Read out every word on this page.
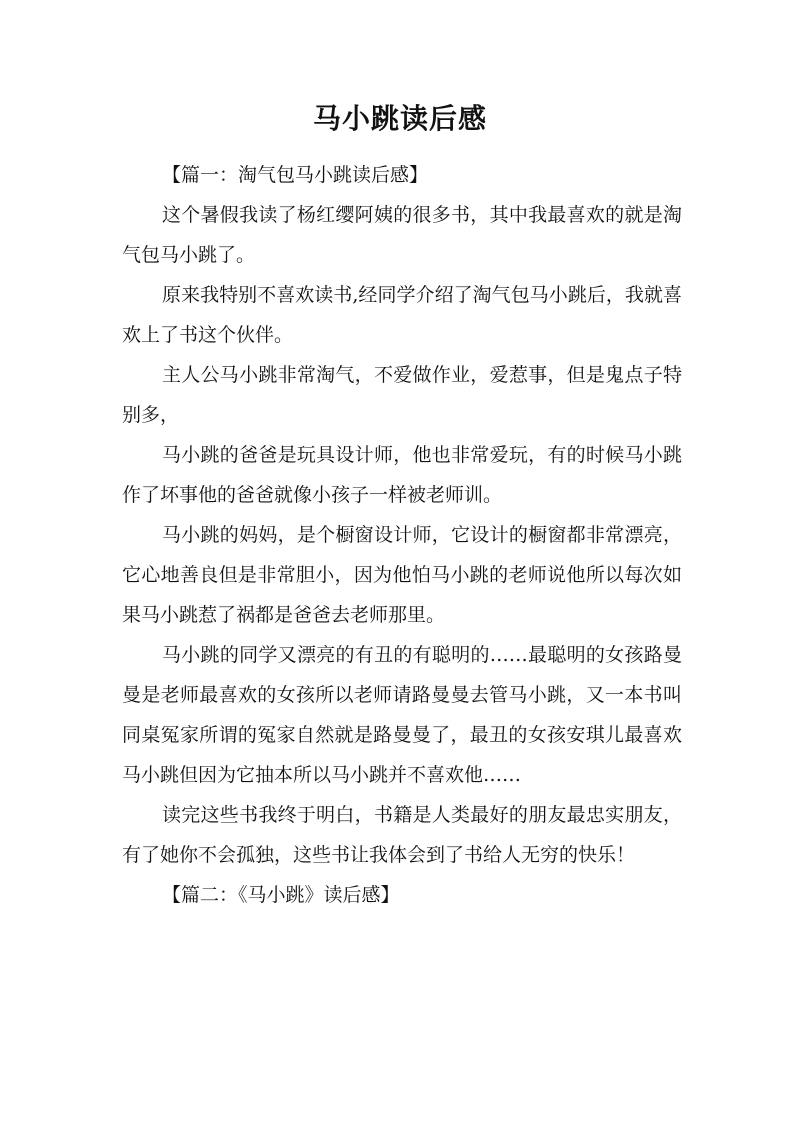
马小跳读后感
【篇一：淘气包马小跳读后感】

这个暑假我读了杨红缨阿姨的很多书，其中我最喜欢的就是淘气包马小跳了。

原来我特别不喜欢读书,经同学介绍了淘气包马小跳后，我就喜欢上了书这个伙伴。

主人公马小跳非常淘气，不爱做作业，爱惹事，但是鬼点子特别多，

马小跳的爸爸是玩具设计师，他也非常爱玩，有的时候马小跳作了坏事他的爸爸就像小孩子一样被老师训。

马小跳的妈妈，是个橱窗设计师，它设计的橱窗都非常漂亮，它心地善良但是非常胆小，因为他怕马小跳的老师说他所以每次如果马小跳惹了祸都是爸爸去老师那里。

马小跳的同学又漂亮的有丑的有聪明的……最聪明的女孩路曼曼是老师最喜欢的女孩所以老师请路曼曼去管马小跳，又一本书叫同桌冤家所谓的冤家自然就是路曼曼了，最丑的女孩安琪儿最喜欢马小跳但因为它抽本所以马小跳并不喜欢他……

读完这些书我终于明白，书籍是人类最好的朋友最忠实朋友，有了她你不会孤独，这些书让我体会到了书给人无穷的快乐！

【篇二：《马小跳》读后感】
